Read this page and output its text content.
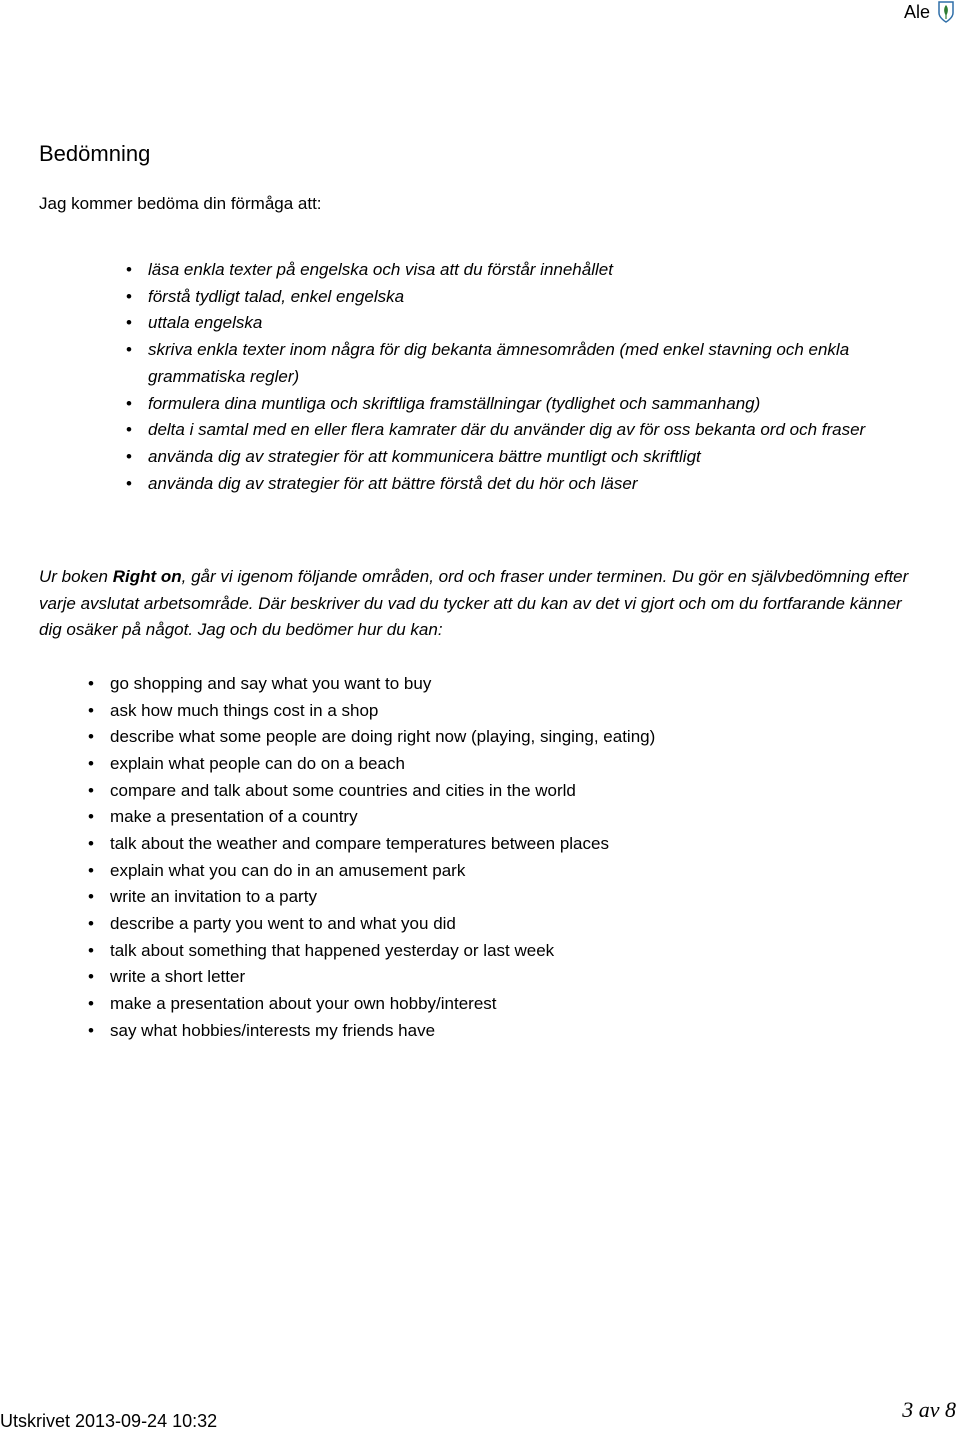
Ale
Bedömning

Jag kommer bedöma din förmåga att:

• läsa enkla texter på engelska och visa att du förstår innehållet
• förstå tydligt talad, enkel engelska
• uttala engelska
• skriva enkla texter inom några för dig bekanta ämnesområden (med enkel stavning och enkla grammatiska regler)
• formulera dina muntliga och skriftliga framställningar (tydlighet och sammanhang)
• delta i samtal med en eller flera kamrater där du använder dig av för oss bekanta ord och fraser
• använda dig av strategier för att kommunicera bättre muntligt och skriftligt
• använda dig av strategier för att bättre förstå det du hör och läser

Ur boken Right on, går vi igenom följande områden, ord och fraser under terminen. Du gör en självbedömning efter varje avslutat arbetsområde. Där beskriver du vad du tycker att du kan av det vi gjort och om du fortfarande känner dig osäker på något. Jag och du bedömer hur du kan:

• go shopping and say what you want to buy
• ask how much things cost in a shop
• describe what some people are doing right now (playing, singing, eating)
• explain what people can do on a beach
• compare and talk about some countries and cities in the world
• make a presentation of a country
• talk about the weather and compare temperatures between places
• explain what you can do in an amusement park
• write an invitation to a party
• describe a party you went to and what you did
• talk about something that happened yesterday or last week
• write a short letter
• make a presentation about your own hobby/interest
• say what hobbies/interests my friends have
Utskrivet 2013-09-24 10:32	3 av 8
